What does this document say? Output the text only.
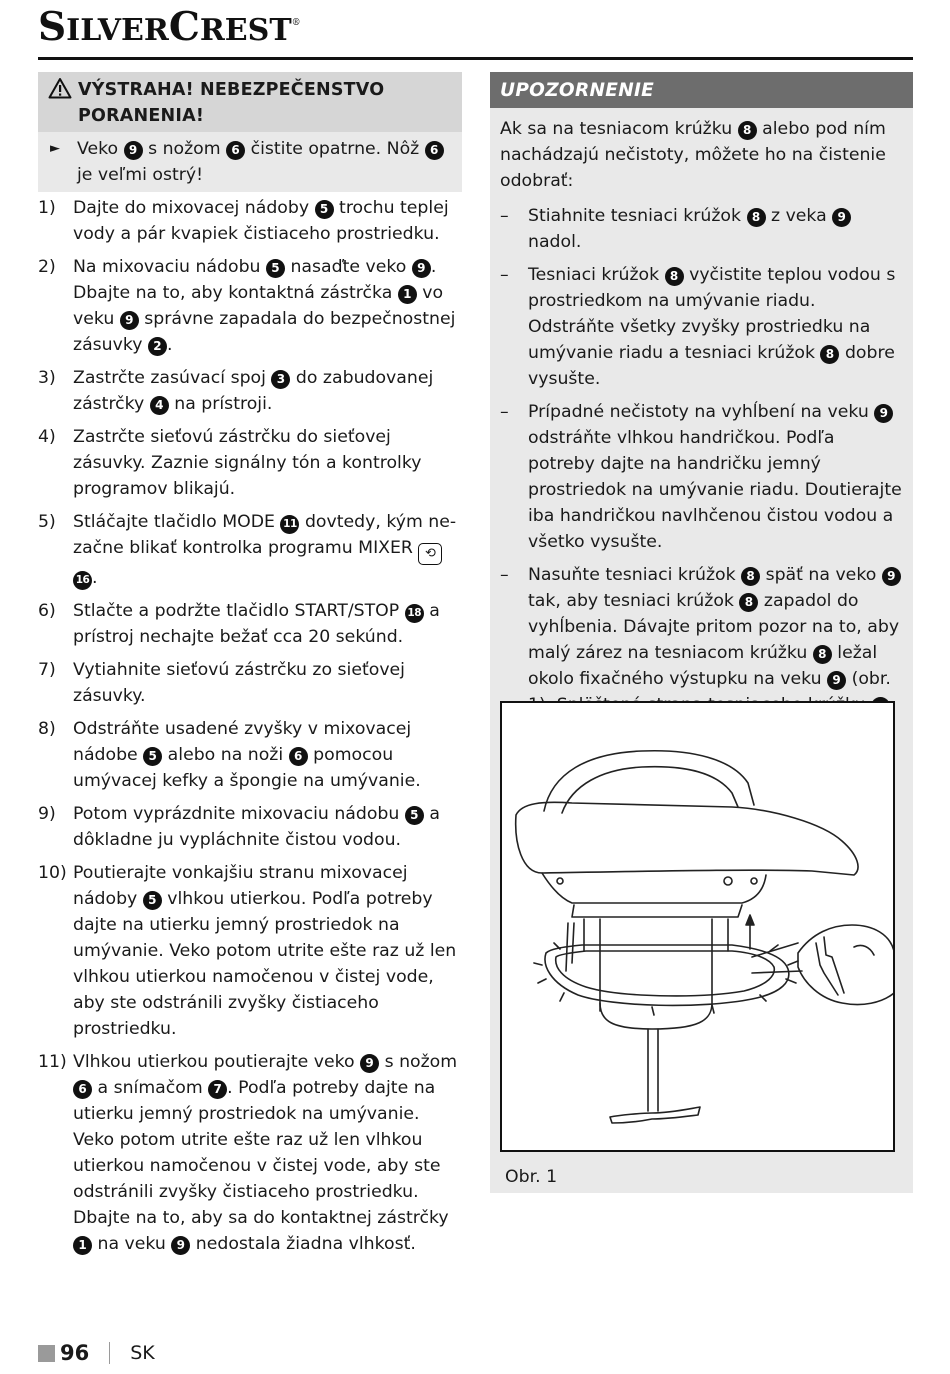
SILVERCREST®
VÝSTRAHA! NEBEZPEČENSTVO PORANENIA!
► Veko 9 s nožom 6 čistite opatrne. Nôž 6 je veľmi ostrý!
1) Dajte do mixovacej nádoby 5 trochu teplej vody a pár kvapiek čistiaceho prostriedku.
2) Na mixovaciu nádobu 5 nasaďte veko 9 . Dbajte na to, aby kontaktná zástrčka 1 vo veku 9 správne zapadala do bezpečnostnej zásuvky 2 .
3) Zastrčte zasúvací spoj 3 do zabudovanej zástrčky 4 na prístroji.
4) Zastrčte sieťovú zástrčku do sieťovej zásuvky. Zaznie signálny tón a kontrolky programov blikajú.
5) Stláčajte tlačidlo MODE 11 dovtedy, kým nezačne blikať kontrolka programu MIXER ⟲ 16 .
6) Stlačte a podržte tlačidlo START/STOP 18 a prístroj nechajte bežať cca 20 sekúnd.
7) Vytiahnite sieťovú zástrčku zo sieťovej zásuvky.
8) Odstráňte usadené zvyšky v mixovacej nádobe 5 alebo na noži 6 pomocou umývacej kefky a špongie na umývanie.
9) Potom vyprázdnite mixovaciu nádobu 5 a dôkladne ju vypláchnite čistou vodou.
10) Poutierajte vonkajšiu stranu mixovacej nádoby 5 vlhkou utierkou. Podľa potreby dajte na utierku jemný prostriedok na umývanie. Veko potom utrite ešte raz už len vlhkou utierkou namočenou v čistej vode, aby ste odstránili zvyšky čistiaceho prostriedku.
11) Vlhkou utierkou poutierajte veko 9 s nožom 6 a snímačom 7 . Podľa potreby dajte na utierku jemný prostriedok na umývanie. Veko potom utrite ešte raz už len vlhkou utierkou namočenou v čistej vode, aby ste odstránili zvyšky čistiaceho prostriedku. Dbajte na to, aby sa do kontaktnej zástrčky 1 na veku 9 nedostala žiadna vlhkosť.
UPOZORNENIE
Ak sa na tesniacom krúžku 8 alebo pod ním nachádzajú nečistoty, môžete ho na čistenie odobrať:
–	Stiahnite tesniaci krúžok 8 z veka 9 nadol.
–	Tesniaci krúžok 8 vyčistite teplou vodou s prostriedkom na umývanie riadu. Odstráňte všetky zvyšky prostriedku na umývanie riadu a tesniaci krúžok 8 dobre vysušte.
–	Prípadné nečistoty na vyhĺbení na veku 9 odstráňte vlhkou handričkou. Podľa potreby dajte na handričku jemný prostriedok na umývanie riadu. Doutierajte iba handričkou navlhčenou čistou vodou a všetko vysušte.
–	Nasuňte tesniaci krúžok 8 späť na veko 9 tak, aby tesniaci krúžok 8 zapadol do vyhĺbenia. Dávajte pritom pozor na to, aby malý zárez na tesniacom krúžku 8 ležal okolo fixačného výstupku na veku 9 (obr.
Obr. 1
96 SK
